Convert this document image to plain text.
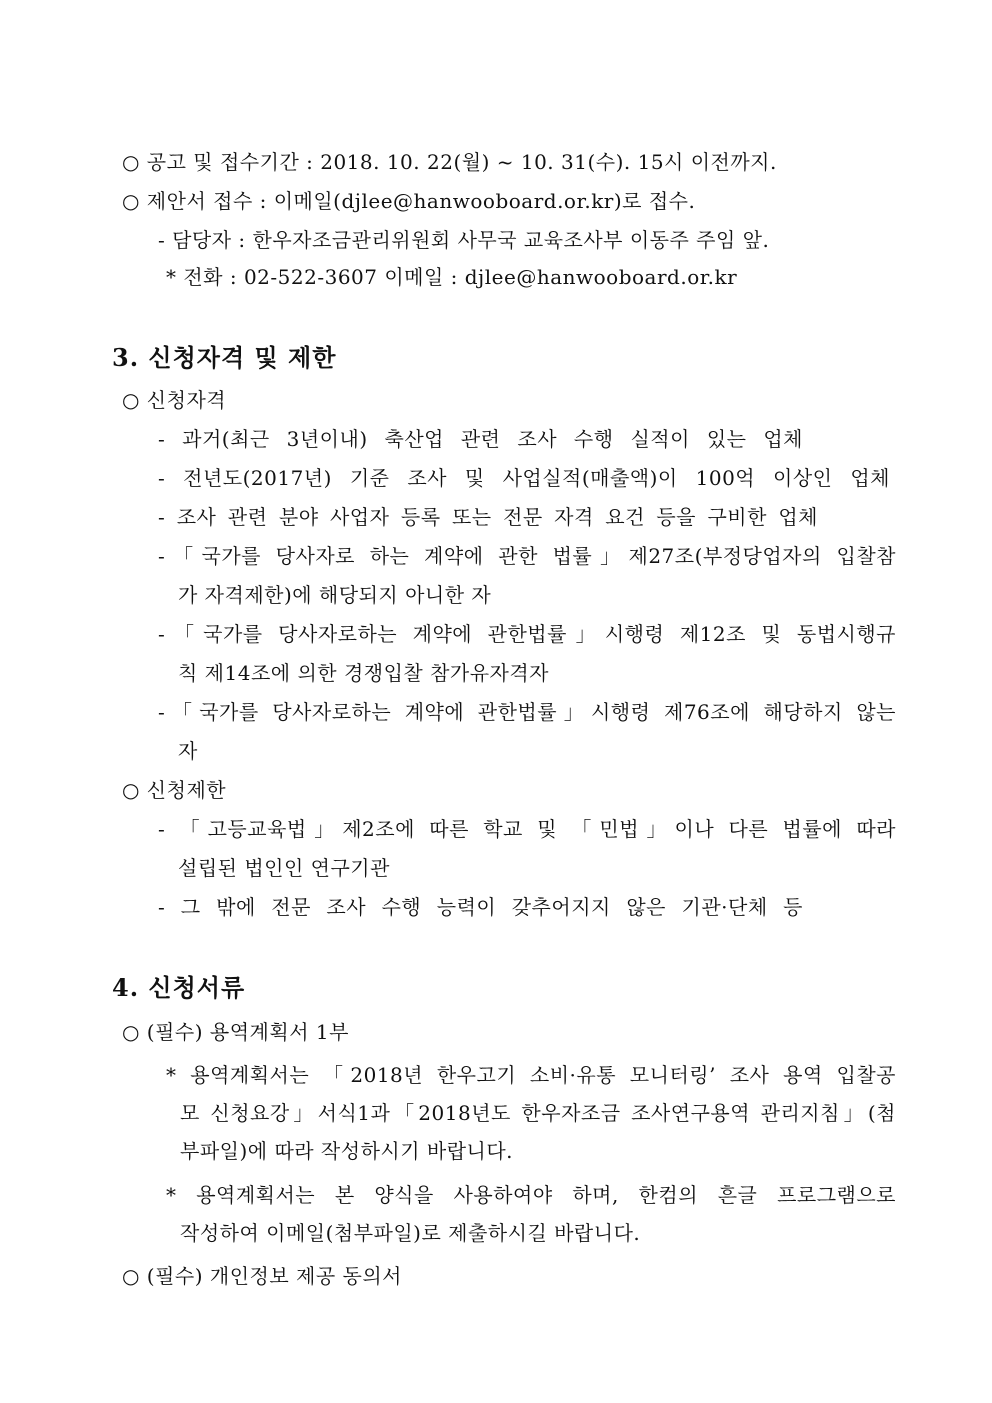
○ 공고 및 접수기간 : 2018. 10. 22(월) ~ 10. 31(수). 15시 이전까지.
○ 제안서 접수 : 이메일(djlee@hanwooboard.or.kr)로 접수.
- 담당자 : 한우자조금관리위원회 사무국 교육조사부 이동주 주임 앞.
* 전화 : 02-522-3607 이메일 : djlee@hanwooboard.or.kr
3. 신청자격 및 제한
○ 신청자격
- 과거(최근 3년이내) 축산업 관련 조사 수행 실적이 있는 업체
- 전년도(2017년) 기준 조사 및 사업실적(매출액)이 100억 이상인 업체
- 조사 관련 분야 사업자 등록 또는 전문 자격 요건 등을 구비한 업체
-「국가를 당사자로 하는 계약에 관한 법률」제27조(부정당업자의 입찰참
가 자격제한)에 해당되지 아니한 자
-「국가를 당사자로하는 계약에 관한법률」시행령 제12조 및 동법시행규
칙 제14조에 의한 경쟁입찰 참가유자격자
-「국가를 당사자로하는 계약에 관한법률」시행령 제76조에 해당하지 않는
자
○ 신청제한
- 「고등교육법」제2조에 따른 학교 및 「민법」이나 다른 법률에 따라
설립된 법인인 연구기관
- 그 밖에 전문 조사 수행 능력이 갖추어지지 않은 기관·단체 등
4. 신청서류
○ (필수) 용역계획서 1부
* 용역계획서는 「2018년 한우고기 소비·유통 모니터링’ 조사 용역 입찰공
모 신청요강」서식1과「2018년도 한우자조금 조사연구용역 관리지침」(첨
부파일)에 따라 작성하시기 바랍니다.
* 용역계획서는 본 양식을 사용하여야 하며, 한컴의 흔글 프로그램으로
작성하여 이메일(첨부파일)로 제출하시길 바랍니다.
○ (필수) 개인정보 제공 동의서
